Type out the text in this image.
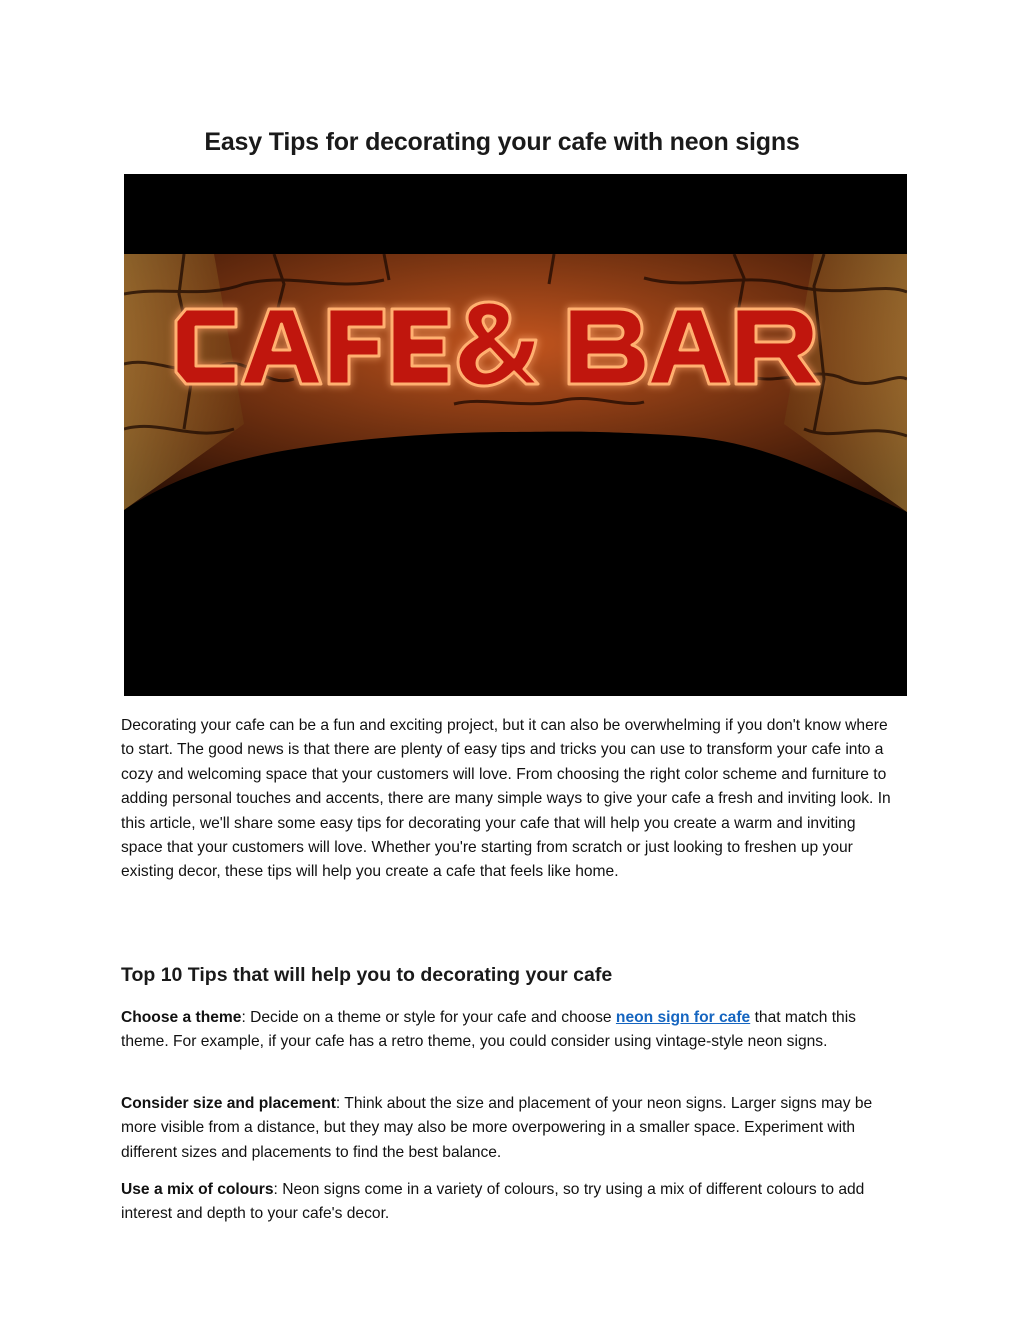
Easy Tips for decorating your cafe with neon signs

Decorating your cafe can be a fun and exciting project, but it can also be overwhelming if you don't know where to start. The good news is that there are plenty of easy tips and tricks you can use to transform your cafe into a cozy and welcoming space that your customers will love. From choosing the right color scheme and furniture to adding personal touches and accents, there are many simple ways to give your cafe a fresh and inviting look. In this article, we'll share some easy tips for decorating your cafe that will help you create a warm and inviting space that your customers will love. Whether you're starting from scratch or just looking to freshen up your existing decor, these tips will help you create a cafe that feels like home.

Top 10 Tips that will help you to decorating your cafe

Choose a theme: Decide on a theme or style for your cafe and choose neon sign for cafe that match this theme. For example, if your cafe has a retro theme, you could consider using vintage-style neon signs.

Consider size and placement: Think about the size and placement of your neon signs. Larger signs may be more visible from a distance, but they may also be more overpowering in a smaller space. Experiment with different sizes and placements to find the best balance.

Use a mix of colours: Neon signs come in a variety of colours, so try using a mix of different colours to add interest and depth to your cafe's decor.
